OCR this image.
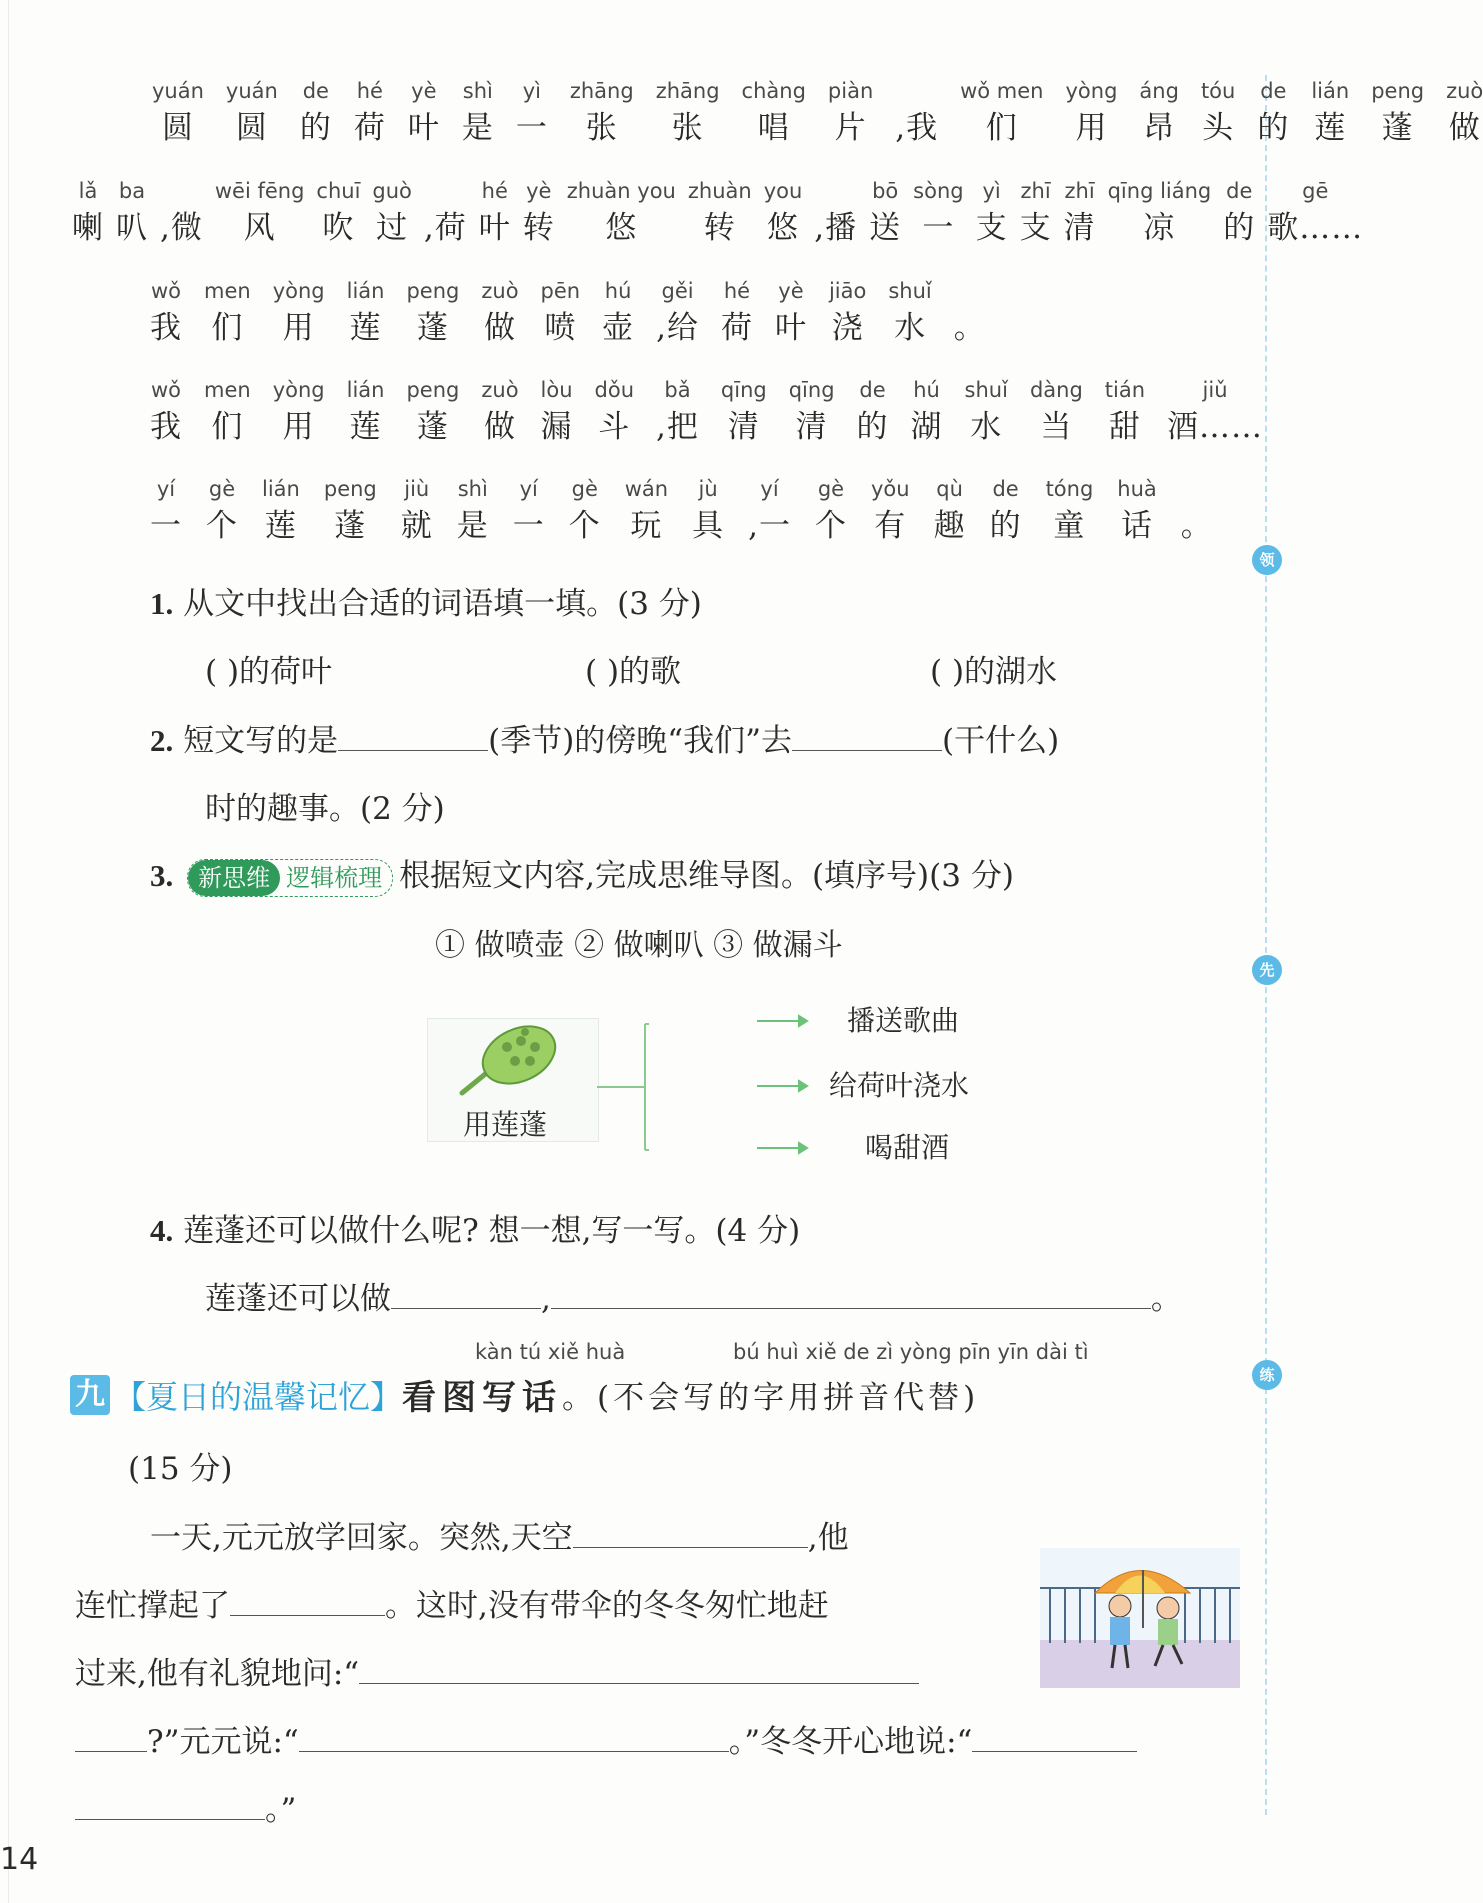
领
先
练
yuán
圆
yuán
圆
de
的
hé
荷
yè
叶
shì
是
yì
一
zhāng
张
zhāng
张
chàng
唱
piàn
片 ,我
wǒ men
们
yòng
用
áng
昂
tóu
头
de
的
lián
莲
peng
蓬
zuò
做
lǎ
喇
ba
叭 ,微
wēi fēng
风
chuī
吹
guò
过 ,荷
hé
叶
yè
转
zhuàn you
悠
zhuàn
转
you
悠 ,播
bō
送
sòng
一
yì
支
zhī
支
zhī
清
qīng liáng
凉
de
的
gē
歌……
wǒ
我
men
们
yòng
用
lián
莲
peng
蓬
zuò
做
pēn
喷
hú
壶
gěi
,给
hé
荷
yè
叶
jiāo
浇
shuǐ
水 。
wǒ
我
men
们
yòng
用
lián
莲
peng
蓬
zuò
做
lòu
漏
dǒu
斗
bǎ
,把
qīng
清
qīng
清
de
的
hú
湖
shuǐ
水
dàng
当
tián
甜
jiǔ
酒……
yí
一
gè
个
lián
莲
peng
蓬
jiù
就
shì
是
yí
一
gè
个
wán
玩
jù
具
yí
,一
gè
个
yǒu
有
qù
趣
de
的
tóng
童
huà
话 。
1. 从文中找出合适的词语填一填。(3 分)
( )的荷叶	( )的歌	( )的湖水
2. 短文写的是	(季节)的傍晚“我们”去	(干什么)
时的趣事。(2 分)
3.	新思维 逻辑梳理 根据短文内容,完成思维导图。(填序号)(3 分)
① 做喷壶 ② 做喇叭 ③ 做漏斗
用莲蓬
播送歌曲
给荷叶浇水
喝甜酒
4. 莲蓬还可以做什么呢? 想一想,写一写。(4 分)
莲蓬还可以做	,	。
kàn tú xiě huà	bú huì xiě de zì yòng pīn yīn dài tì
九 【夏日的温馨记忆】 看图写话 。(不会写的字用拼音代替)
(15 分)
一天,元元放学回家。突然,天空	,他
连忙撑起了	。这时,没有带伞的冬冬匆忙地赶
过来,他有礼貌地问:“
?”元元说:“	。”冬冬开心地说:“
。”
14
